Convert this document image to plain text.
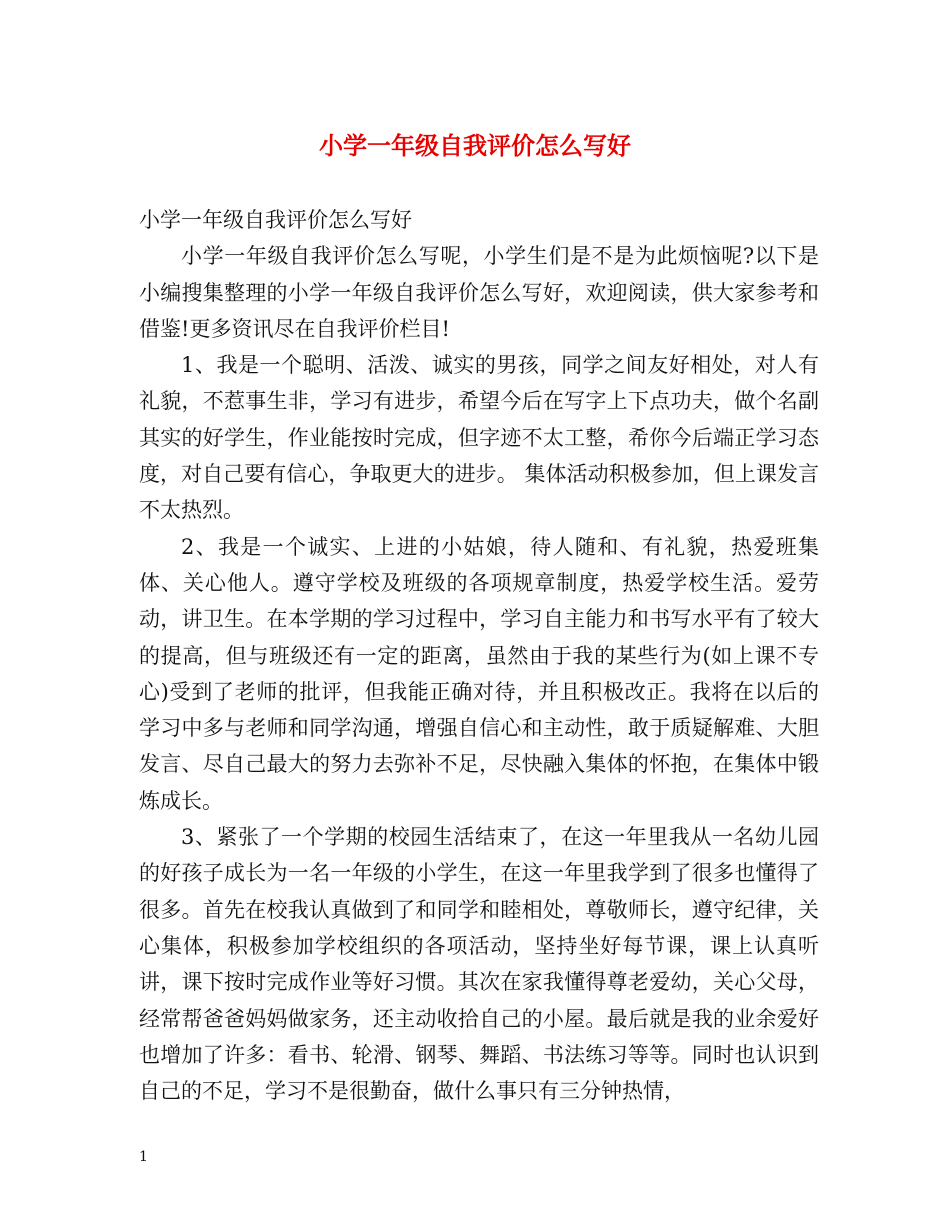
小学一年级自我评价怎么写好

小学一年级自我评价怎么写好

小学一年级自我评价怎么写呢，小学生们是不是为此烦恼呢?以下是小编搜集整理的小学一年级自我评价怎么写好，欢迎阅读，供大家参考和借鉴!更多资讯尽在自我评价栏目!

1、我是一个聪明、活泼、诚实的男孩，同学之间友好相处，对人有礼貌，不惹事生非，学习有进步，希望今后在写字上下点功夫，做个名副其实的好学生，作业能按时完成，但字迹不太工整，希你今后端正学习态度，对自己要有信心，争取更大的进步。 集体活动积极参加，但上课发言不太热烈。

2、我是一个诚实、上进的小姑娘，待人随和、有礼貌，热爱班集体、关心他人。遵守学校及班级的各项规章制度，热爱学校生活。爱劳动，讲卫生。在本学期的学习过程中，学习自主能力和书写水平有了较大的提高，但与班级还有一定的距离，虽然由于我的某些行为(如上课不专心)受到了老师的批评，但我能正确对待，并且积极改正。我将在以后的学习中多与老师和同学沟通，增强自信心和主动性，敢于质疑解难、大胆发言、尽自己最大的努力去弥补不足，尽快融入集体的怀抱，在集体中锻炼成长。

3、紧张了一个学期的校园生活结束了，在这一年里我从一名幼儿园的好孩子成长为一名一年级的小学生，在这一年里我学到了很多也懂得了很多。首先在校我认真做到了和同学和睦相处，尊敬师长，遵守纪律，关心集体，积极参加学校组织的各项活动，坚持坐好每节课，课上认真听讲，课下按时完成作业等好习惯。其次在家我懂得尊老爱幼，关心父母，经常帮爸爸妈妈做家务，还主动收拾自己的小屋。最后就是我的业余爱好也增加了许多：看书、轮滑、钢琴、舞蹈、书法练习等等。同时也认识到自己的不足，学习不是很勤奋，做什么事只有三分钟热情，

1
